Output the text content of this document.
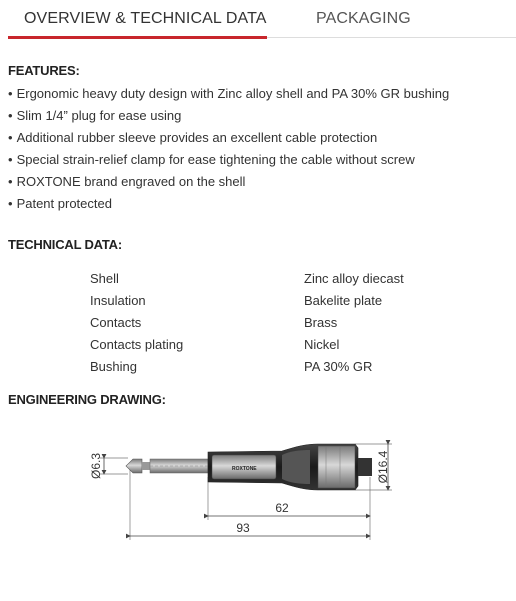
OVERVIEW & TECHNICAL DATA	PACKAGING
FEATURES:
• Ergonomic heavy duty design with Zinc alloy shell and PA 30% GR bushing
• Slim 1/4” plug for ease using
• Additional rubber sleeve provides an excellent cable protection
• Special strain-relief clamp for ease tightening the cable without screw
• ROXTONE brand engraved on the shell
• Patent protected
TECHNICAL DATA:
Shell	Zinc alloy diecast
Insulation	Bakelite plate
Contacts	Brass
Contacts plating	Nickel
Bushing	PA 30% GR
ENGINEERING DRAWING:
ROXTONE
Ø6.3	Ø16.4
62
93
